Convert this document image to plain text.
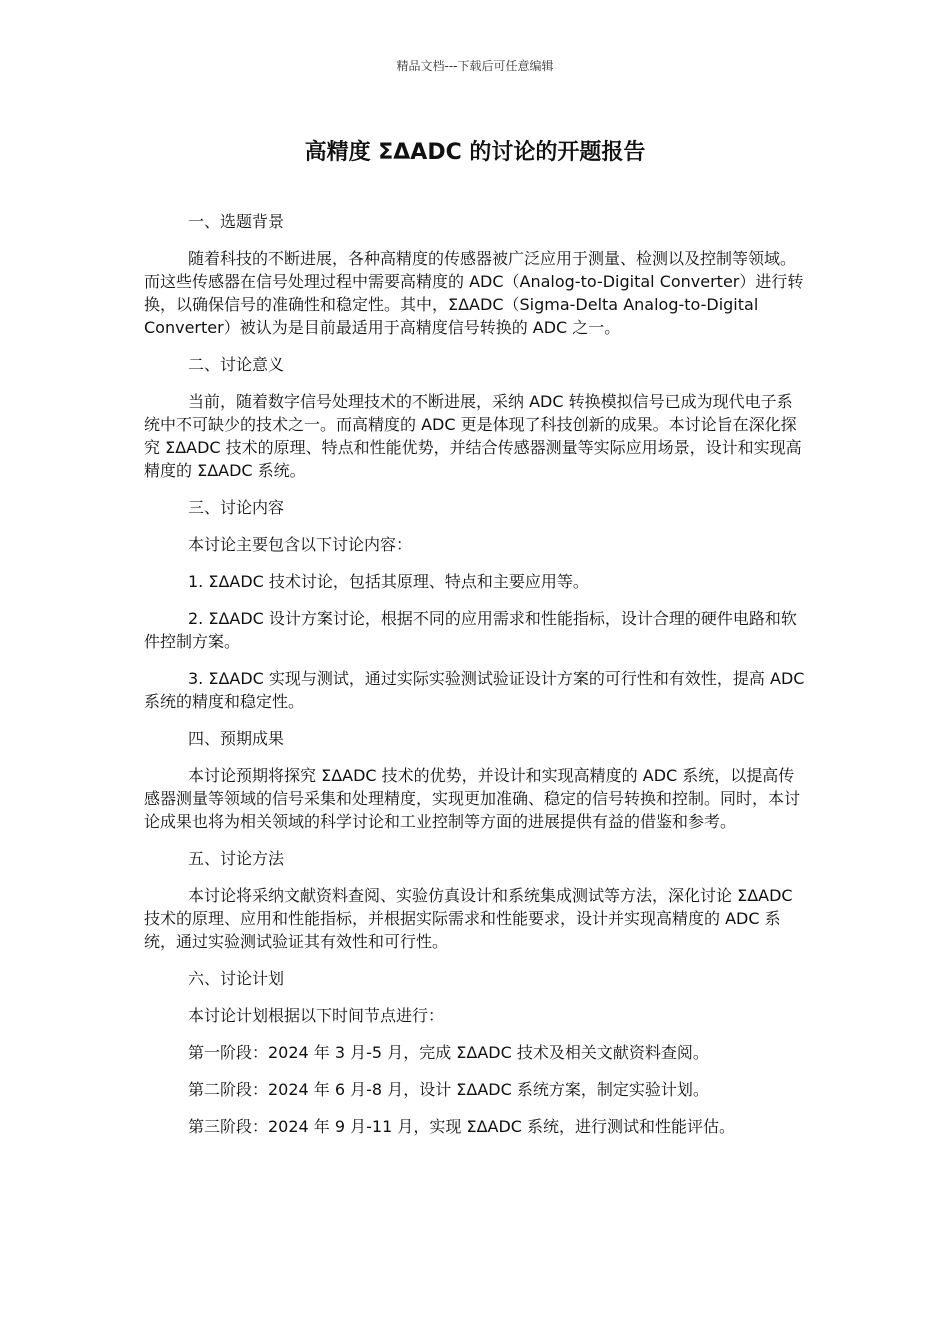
精品文档---下载后可任意编辑
高精度 ΣΔADC 的讨论的开题报告

一、选题背景

随着科技的不断进展，各种高精度的传感器被广泛应用于测量、检测以及控制等领域。而这些传感器在信号处理过程中需要高精度的 ADC（Analog-to-Digital Converter）进行转换，以确保信号的准确性和稳定性。其中，ΣΔADC（Sigma-Delta Analog-to-Digital Converter）被认为是目前最适用于高精度信号转换的 ADC 之一。

二、讨论意义

当前，随着数字信号处理技术的不断进展，采纳 ADC 转换模拟信号已成为现代电子系统中不可缺少的技术之一。而高精度的 ADC 更是体现了科技创新的成果。本讨论旨在深化探究 ΣΔADC 技术的原理、特点和性能优势，并结合传感器测量等实际应用场景，设计和实现高精度的 ΣΔADC 系统。

三、讨论内容

本讨论主要包含以下讨论内容：

1. ΣΔADC 技术讨论，包括其原理、特点和主要应用等。

2. ΣΔADC 设计方案讨论，根据不同的应用需求和性能指标，设计合理的硬件电路和软件控制方案。

3. ΣΔADC 实现与测试，通过实际实验测试验证设计方案的可行性和有效性，提高 ADC 系统的精度和稳定性。

四、预期成果

本讨论预期将探究 ΣΔADC 技术的优势，并设计和实现高精度的 ADC 系统，以提高传感器测量等领域的信号采集和处理精度，实现更加准确、稳定的信号转换和控制。同时，本讨论成果也将为相关领域的科学讨论和工业控制等方面的进展提供有益的借鉴和参考。

五、讨论方法

本讨论将采纳文献资料查阅、实验仿真设计和系统集成测试等方法，深化讨论 ΣΔADC 技术的原理、应用和性能指标，并根据实际需求和性能要求，设计并实现高精度的 ADC 系统，通过实验测试验证其有效性和可行性。

六、讨论计划

本讨论计划根据以下时间节点进行：

第一阶段：2024 年 3 月-5 月，完成 ΣΔADC 技术及相关文献资料查阅。

第二阶段：2024 年 6 月-8 月，设计 ΣΔADC 系统方案，制定实验计划。

第三阶段：2024 年 9 月-11 月，实现 ΣΔADC 系统，进行测试和性能评估。
